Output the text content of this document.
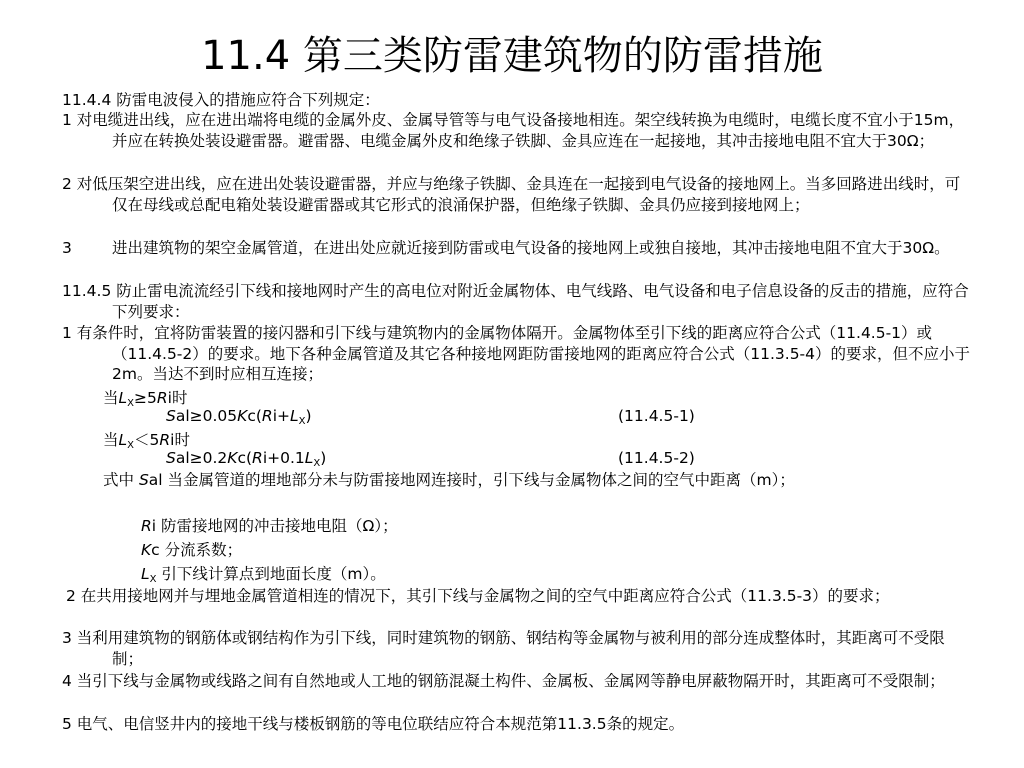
11.4 第三类防雷建筑物的防雷措施
11.4.4 防雷电波侵入的措施应符合下列规定：
1 对电缆进出线，应在进出端将电缆的金属外皮、金属导管等与电气设备接地相连。架空线转换为电缆时，电缆长度不宜小于15m，并应在转换处装设避雷器。避雷器、电缆金属外皮和绝缘子铁脚、金具应连在一起接地，其冲击接地电阻不宜大于30Ω；
2 对低压架空进出线，应在进出处装设避雷器，并应与绝缘子铁脚、金具连在一起接到电气设备的接地网上。当多回路进出线时，可仅在母线或总配电箱处装设避雷器或其它形式的浪涌保护器，但绝缘子铁脚、金具仍应接到接地网上；
3	进出建筑物的架空金属管道，在进出处应就近接到防雷或电气设备的接地网上或独自接地，其冲击接地电阻不宜大于30Ω。
11.4.5 防止雷电流流经引下线和接地网时产生的高电位对附近金属物体、电气线路、电气设备和电子信息设备的反击的措施，应符合下列要求：
1 有条件时，宜将防雷装置的接闪器和引下线与建筑物内的金属物体隔开。金属物体至引下线的距离应符合公式（11.4.5-1）或（11.4.5-2）的要求。地下各种金属管道及其它各种接地网距防雷接地网的距离应符合公式（11.3.5-4）的要求，但不应小于2m。当达不到时应相互连接；
当$L_X\ge 5Ri$时
$Sal\ge 0.05Kc(Ri+L_X)$	(11.4.5-1)
当$L_X<5Ri$时
$Sal\ge 0.2Kc(Ri+0.1L_X)$	(11.4.5-2)
式中 Sal 当金属管道的埋地部分未与防雷接地网连接时，引下线与金属物体之间的空气中距离（m）；
Ri 防雷接地网的冲击接地电阻（Ω）；
Kc 分流系数；
$L_X$ 引下线计算点到地面长度（m）。
2 在共用接地网并与埋地金属管道相连的情况下，其引下线与金属物之间的空气中距离应符合公式（11.3.5-3）的要求；
3 当利用建筑物的钢筋体或钢结构作为引下线，同时建筑物的钢筋、钢结构等金属物与被利用的部分连成整体时，其距离可不受限制；
4 当引下线与金属物或线路之间有自然地或人工地的钢筋混凝土构件、金属板、金属网等静电屏蔽物隔开时，其距离可不受限制；
5 电气、电信竖井内的接地干线与楼板钢筋的等电位联结应符合本规范第11.3.5条的规定。
